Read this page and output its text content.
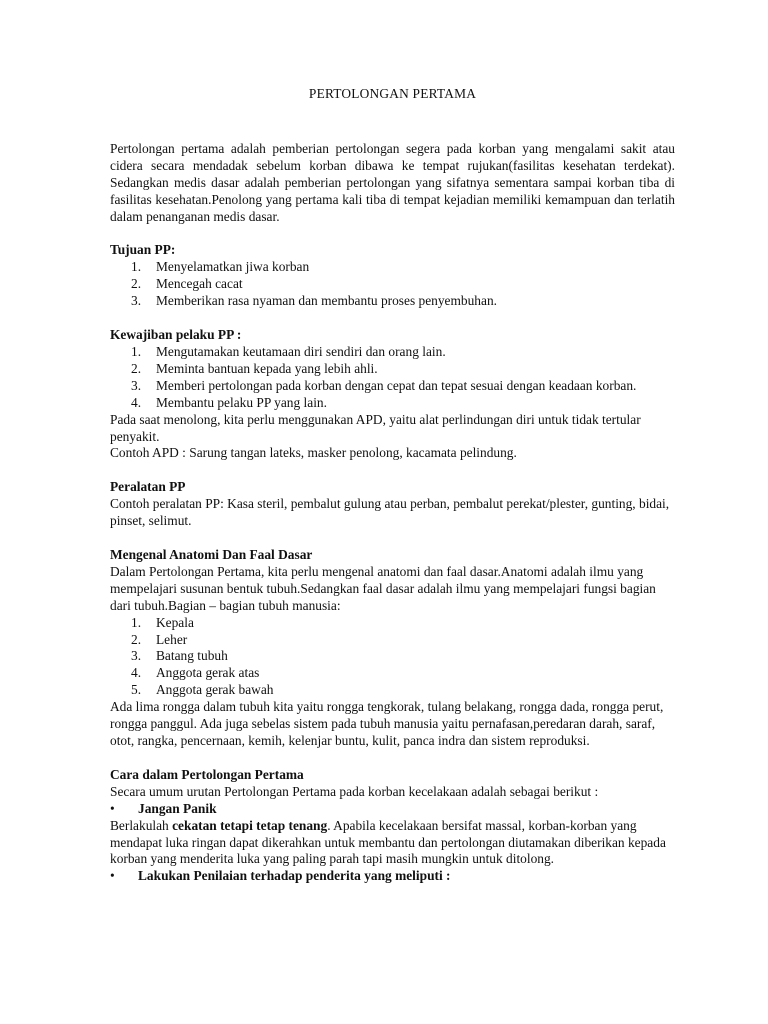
PERTOLONGAN PERTAMA

Pertolongan pertama adalah pemberian pertolongan segera pada korban yang mengalami sakit atau cidera secara mendadak sebelum korban dibawa ke tempat rujukan(fasilitas kesehatan terdekat). Sedangkan medis dasar adalah pemberian pertolongan yang sifatnya sementara sampai korban tiba di fasilitas kesehatan.Penolong yang pertama kali tiba di tempat kejadian memiliki kemampuan dan terlatih dalam penanganan medis dasar.

Tujuan PP:

1. Menyelamatkan jiwa korban
2. Mencegah cacat
3. Memberikan rasa nyaman dan membantu proses penyembuhan.

Kewajiban pelaku PP :

1. Mengutamakan keutamaan diri sendiri dan orang lain.
2. Meminta bantuan kepada yang lebih ahli.
3. Memberi pertolongan pada korban dengan cepat dan tepat sesuai dengan keadaan korban.
4. Membantu pelaku PP yang lain.

Pada saat menolong, kita perlu menggunakan APD, yaitu alat perlindungan diri untuk tidak tertular penyakit.

Contoh APD : Sarung tangan lateks, masker penolong, kacamata pelindung.

Peralatan PP

Contoh peralatan PP: Kasa steril, pembalut gulung atau perban, pembalut perekat/plester, gunting, bidai, pinset, selimut.

Mengenal Anatomi Dan Faal Dasar

Dalam Pertolongan Pertama, kita perlu mengenal anatomi dan faal dasar.Anatomi adalah ilmu yang mempelajari susunan bentuk tubuh.Sedangkan faal dasar adalah ilmu yang mempelajari fungsi bagian dari tubuh.Bagian – bagian tubuh manusia:

1. Kepala
2. Leher
3. Batang tubuh
4. Anggota gerak atas
5. Anggota gerak bawah

Ada lima rongga dalam tubuh kita yaitu rongga tengkorak, tulang belakang, rongga dada, rongga perut, rongga panggul. Ada juga sebelas sistem pada tubuh manusia yaitu pernafasan,peredaran darah, saraf, otot, rangka, pencernaan, kemih, kelenjar buntu, kulit, panca indra dan sistem reproduksi.

Cara dalam Pertolongan Pertama

Secara umum urutan Pertolongan Pertama pada korban kecelakaan adalah sebagai berikut :

• Jangan Panik

Berlakulah cekatan tetapi tetap tenang. Apabila kecelakaan bersifat massal, korban-korban yang mendapat luka ringan dapat dikerahkan untuk membantu dan pertolongan diutamakan diberikan kepada korban yang menderita luka yang paling parah tapi masih mungkin untuk ditolong.

• Lakukan Penilaian terhadap penderita yang meliputi :
